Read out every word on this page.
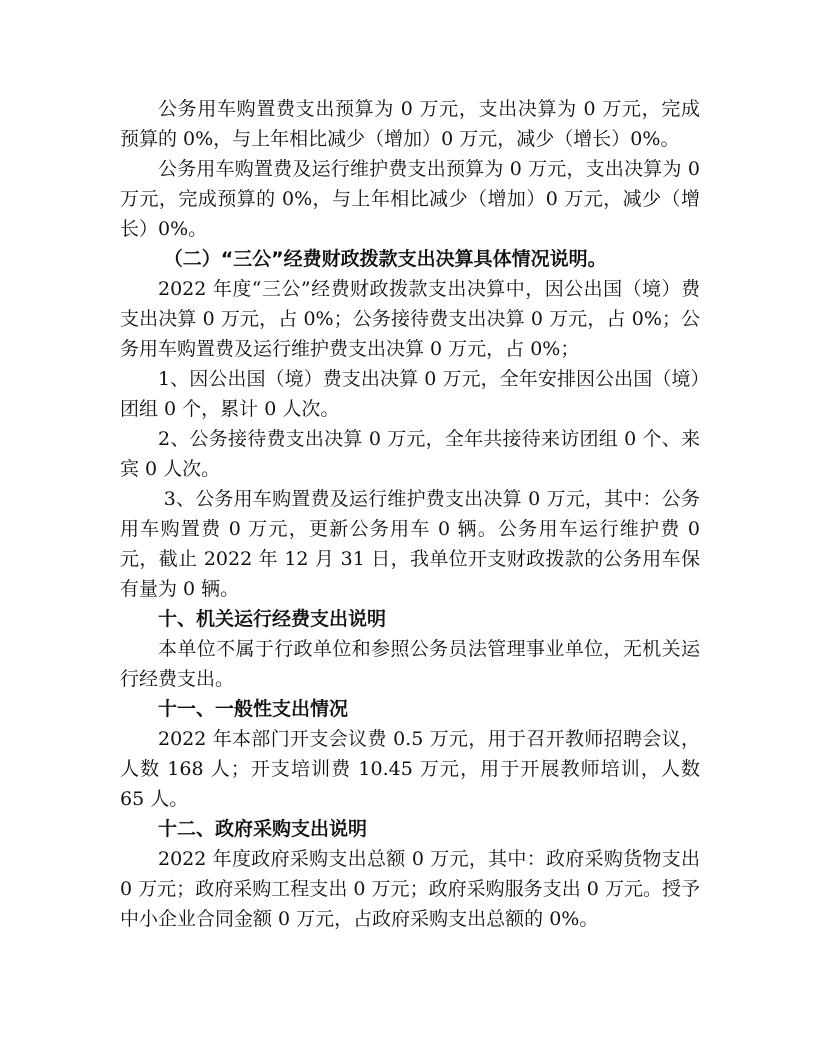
公务用车购置费支出预算为 0 万元，支出决算为 0 万元，完成预算的 0%，与上年相比减少（增加）0 万元，减少（增长）0%。

公务用车购置费及运行维护费支出预算为 0 万元，支出决算为 0 万元，完成预算的 0%，与上年相比减少（增加）0 万元，减少（增长）0%。

（二）“三公”经费财政拨款支出决算具体情况说明。

2022 年度“三公”经费财政拨款支出决算中，因公出国（境）费支出决算 0 万元，占 0%；公务接待费支出决算 0 万元，占 0%；公务用车购置费及运行维护费支出决算 0 万元，占 0%；

1、因公出国（境）费支出决算 0 万元，全年安排因公出国（境）团组 0 个，累计 0 人次。

2、公务接待费支出决算 0 万元，全年共接待来访团组 0 个、来宾 0 人次。

3、公务用车购置费及运行维护费支出决算 0 万元，其中：公务用车购置费 0 万元，更新公务用车 0 辆。公务用车运行维护费 0 元，截止 2022 年 12 月 31 日，我单位开支财政拨款的公务用车保有量为 0 辆。

十、机关运行经费支出说明

本单位不属于行政单位和参照公务员法管理事业单位，无机关运行经费支出。

十一、一般性支出情况

2022 年本部门开支会议费 0.5 万元，用于召开教师招聘会议，人数 168 人；开支培训费 10.45 万元，用于开展教师培训，人数 65 人。

十二、政府采购支出说明

2022 年度政府采购支出总额 0 万元，其中：政府采购货物支出 0 万元；政府采购工程支出 0 万元；政府采购服务支出 0 万元。授予中小企业合同金额 0 万元，占政府采购支出总额的 0%。
